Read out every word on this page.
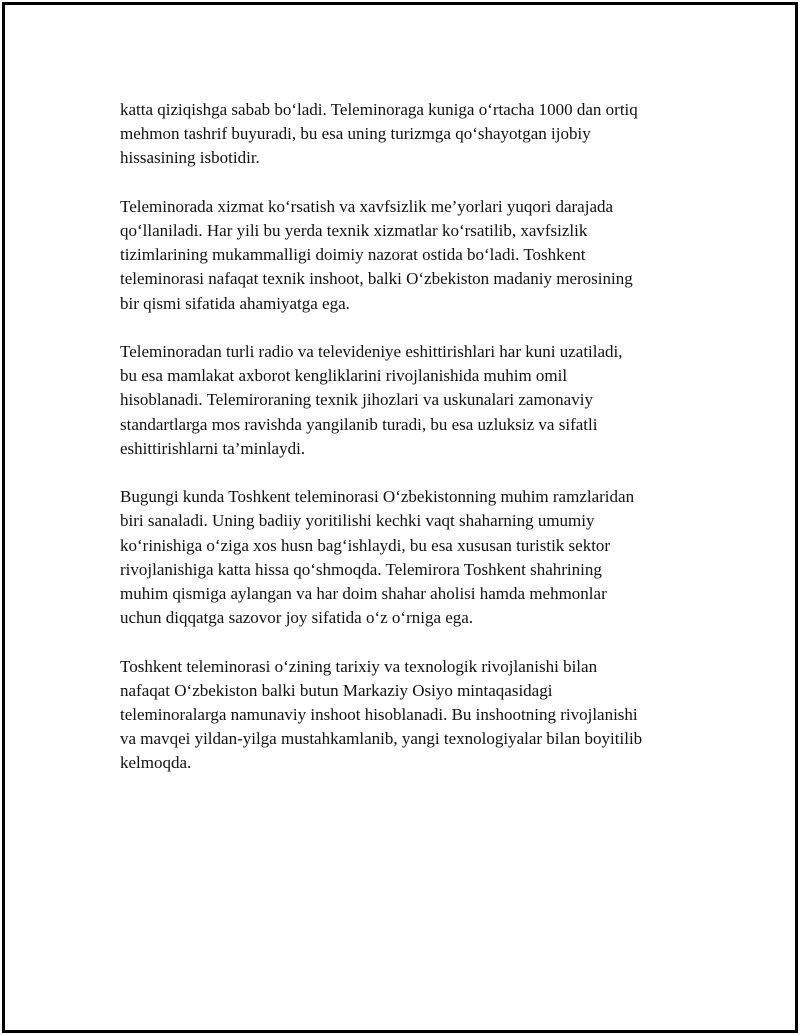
katta qiziqishga sabab bo‘ladi. Teleminoraga kuniga o‘rtacha 1000 dan ortiq
mehmon tashrif buyuradi, bu esa uning turizmga qo‘shayotgan ijobiy
hissasining isbotidir.

Teleminorada xizmat ko‘rsatish va xavfsizlik me’yorlari yuqori darajada
qo‘llaniladi. Har yili bu yerda texnik xizmatlar ko‘rsatilib, xavfsizlik
tizimlarining mukammalligi doimiy nazorat ostida bo‘ladi. Toshkent
teleminorasi nafaqat texnik inshoot, balki O‘zbekiston madaniy merosining
bir qismi sifatida ahamiyatga ega.

Teleminoradan turli radio va televideniye eshittirishlari har kuni uzatiladi,
bu esa mamlakat axborot kengliklarini rivojlanishida muhim omil
hisoblanadi. Telemiroraning texnik jihozlari va uskunalari zamonaviy
standartlarga mos ravishda yangilanib turadi, bu esa uzluksiz va sifatli
eshittirishlarni ta’minlaydi.

Bugungi kunda Toshkent teleminorasi O‘zbekistonning muhim ramzlaridan
biri sanaladi. Uning badiiy yoritilishi kechki vaqt shaharning umumiy
ko‘rinishiga o‘ziga xos husn bag‘ishlaydi, bu esa xususan turistik sektor
rivojlanishiga katta hissa qo‘shmoqda. Telemirora Toshkent shahrining
muhim qismiga aylangan va har doim shahar aholisi hamda mehmonlar
uchun diqqatga sazovor joy sifatida o‘z o‘rniga ega.

Toshkent teleminorasi o‘zining tarixiy va texnologik rivojlanishi bilan
nafaqat O‘zbekiston balki butun Markaziy Osiyo mintaqasidagi
teleminoralarga namunaviy inshoot hisoblanadi. Bu inshootning rivojlanishi
va mavqei yildan-yilga mustahkamlanib, yangi texnologiyalar bilan boyitilib
kelmoqda.
